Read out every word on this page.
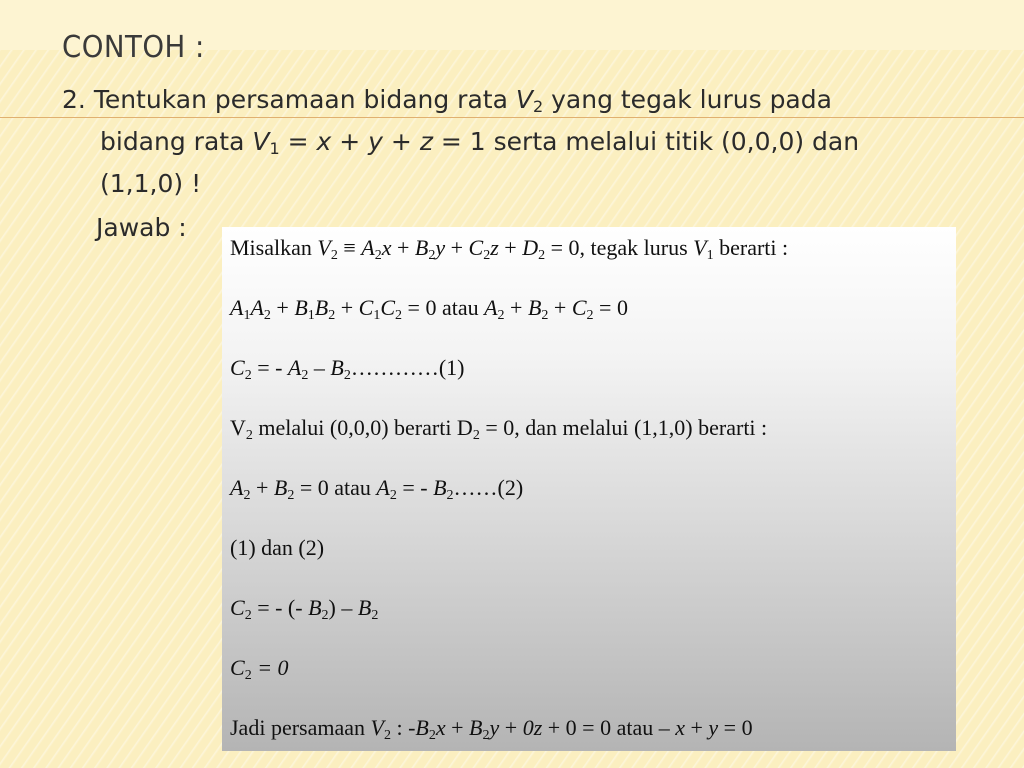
CONTOH :
2. Tentukan persamaan bidang rata $V_2$ yang tegak lurus pada
bidang rata $V_1 = x + y + z = 1$ serta melalui titik (0,0,0) dan
(1,1,0) !
Jawab :
Misalkan $V_2 \equiv A_2x + B_2y + C_2z + D_2 = 0$, tegak lurus $V_1$ berarti :
$A_1A_2 + B_1B_2 + C_1C_2 = 0$ atau $A_2 + B_2 + C_2 = 0$
$C_2$ = - $A_2$ – $B_2\dots\dots\dots\dots(1)$
$V_2$ melalui (0,0,0) berarti $D_2 = 0$, dan melalui (1,1,0) berarti :
$A_2 + B_2 = 0$ atau $A_2$ = - $B_2\dots\dots(2)$
(1) dan (2)
$C_2$ = - (- $B_2) - B_2$
$C_2 = 0$
Jadi persamaan $V_2$ : $-B_2x + B_2y + 0z + 0 = 0$ atau – x + y = 0
